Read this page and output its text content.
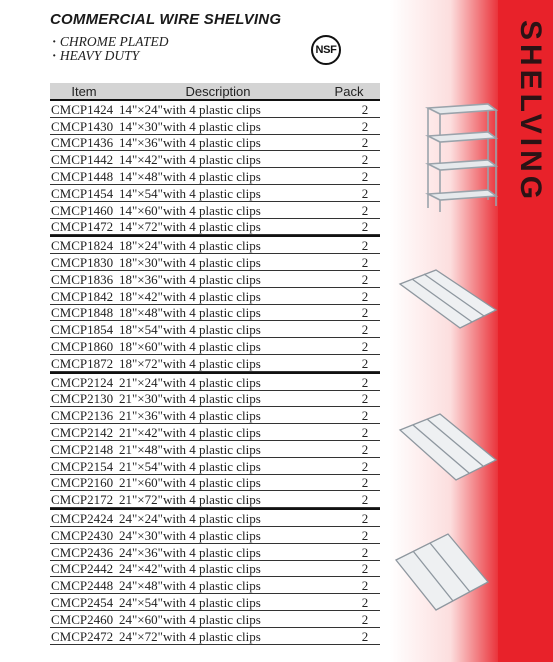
SHELVING
COMMERCIAL WIRE SHELVING
· CHROME PLATED
· HEAVY DUTY	NSF
Item	Description	Pack
CMCP1424 14"×24"with 4 plastic clips	2
CMCP1430 14"×30"with 4 plastic clips	2
CMCP1436 14"×36"with 4 plastic clips	2
CMCP1442 14"×42"with 4 plastic clips	2
CMCP1448 14"×48"with 4 plastic clips	2
CMCP1454 14"×54"with 4 plastic clips	2
CMCP1460 14"×60"with 4 plastic clips	2
CMCP1472 14"×72"with 4 plastic clips	2
CMCP1824 18"×24"with 4 plastic clips	2
CMCP1830 18"×30"with 4 plastic clips	2
CMCP1836 18"×36"with 4 plastic clips	2
CMCP1842 18"×42"with 4 plastic clips	2
CMCP1848 18"×48"with 4 plastic clips	2
CMCP1854 18"×54"with 4 plastic clips	2
CMCP1860 18"×60"with 4 plastic clips	2
CMCP1872 18"×72"with 4 plastic clips	2
CMCP2124 21"×24"with 4 plastic clips	2
CMCP2130 21"×30"with 4 plastic clips	2
CMCP2136 21"×36"with 4 plastic clips	2
CMCP2142 21"×42"with 4 plastic clips	2
CMCP2148 21"×48"with 4 plastic clips	2
CMCP2154 21"×54"with 4 plastic clips	2
CMCP2160 21"×60"with 4 plastic clips	2
CMCP2172 21"×72"with 4 plastic clips	2
CMCP2424 24"×24"with 4 plastic clips	2
CMCP2430 24"×30"with 4 plastic clips	2
CMCP2436 24"×36"with 4 plastic clips	2
CMCP2442 24"×42"with 4 plastic clips	2
CMCP2448 24"×48"with 4 plastic clips	2
CMCP2454 24"×54"with 4 plastic clips	2
CMCP2460 24"×60"with 4 plastic clips	2
CMCP2472 24"×72"with 4 plastic clips	2
